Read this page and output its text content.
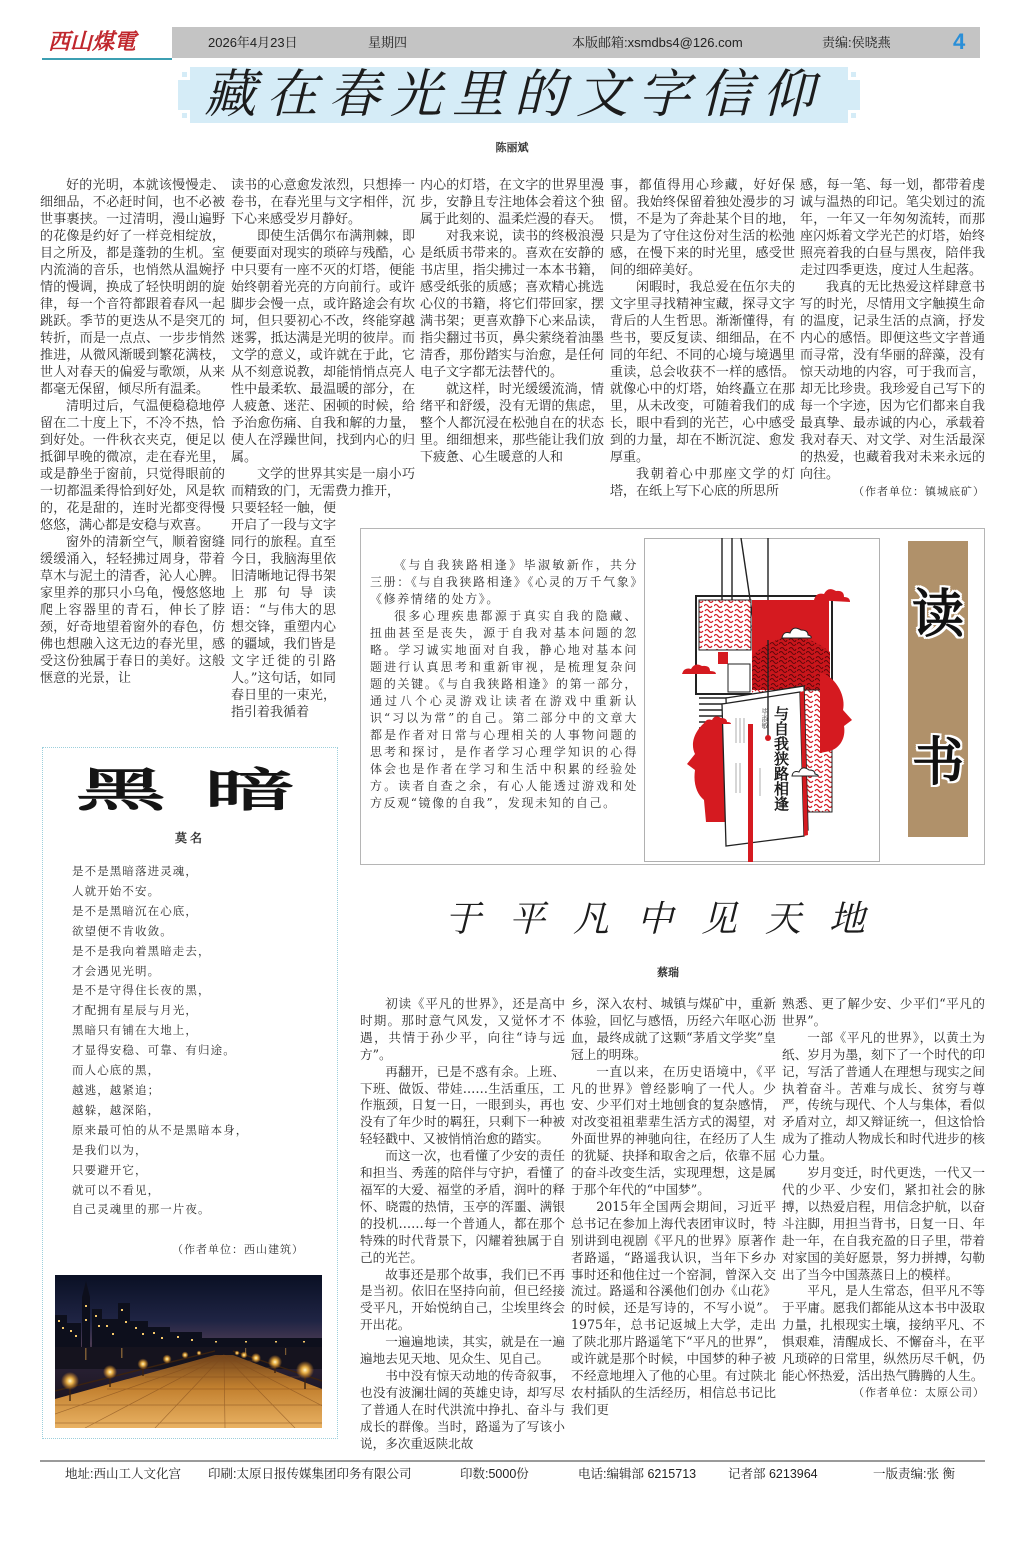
西山煤電	2026年4月23日	星期四	本版邮箱:xsmdbs4@126.com	责编:侯晓燕	4
藏在春光里的文字信仰
陈丽斌

好的光明，本就该慢慢走、细细品，不必赶时间，也不必被世事裹挟。一过清明，漫山遍野的花像是约好了一样竞相绽放，目之所及，都是蓬勃的生机。室内流淌的音乐，也悄然从温婉抒情的慢调，换成了轻快明朗的旋律，每一个音符都跟着春风一起跳跃。季节的更迭从不是突兀的转折，而是一点点、一步步悄然推进，从微风渐暖到繁花满枝，世人对春天的偏爱与歌颂，从来都毫无保留，倾尽所有温柔。

清明过后，气温便稳稳地停留在二十度上下，不冷不热，恰到好处。一件秋衣夹克，便足以抵御早晚的微凉，走在春光里，或是静坐于窗前，只觉得眼前的一切都温柔得恰到好处，风是软的，花是甜的，连时光都变得慢悠悠，满心都是安稳与欢喜。

窗外的清新空气，顺着窗缝缓缓涌入，轻轻拂过周身，带着草木与泥土的清香，沁人心脾。家里养的那只小乌龟，慢悠悠地爬上容器里的青石，伸长了脖颈，好奇地望着窗外的春色，仿佛也想融入这无边的春光里，感受这份独属于春日的美好。这般惬意的光景，让

读书的心意愈发浓烈，只想捧一卷书，在春光里与文字相伴，沉下心来感受岁月静好。

即使生活偶尔布满荆棘，即便要面对现实的琐碎与残酷，心中只要有一座不灭的灯塔，便能始终朝着光亮的方向前行。或许脚步会慢一点，或许路途会有坎坷，但只要初心不改，终能穿越迷雾，抵达满是光明的彼岸。而文学的意义，或许就在于此，它从不刻意说教，却能悄悄点亮人性中最柔软、最温暖的部分，在人疲惫、迷茫、困顿的时候，给予治愈伤痛、自我和解的力量，使人在浮躁世间，找到内心的归属。

文学的世界其实是一扇小巧而精致的门，无需费力推开，

只要轻轻一触，便开启了一段与文字同行的旅程。直至今日，我脑海里依旧清晰地记得书架上那句导读语：“与伟大的思想交锋，重塑内心的疆域，我们皆是文字迁徙的引路人。”这句话，如同春日里的一束光，指引着我循着

内心的灯塔，在文字的世界里漫步，安静且专注地体会着这个独属于此刻的、温柔烂漫的春天。

对我来说，读书的终极浪漫是纸质书带来的。喜欢在安静的书店里，指尖拂过一本本书籍，感受纸张的质感；喜欢精心挑选心仪的书籍，将它们带回家，摆满书架；更喜欢静下心来品读，指尖翻过书页，鼻尖萦绕着油墨清香，那份踏实与治愈，是任何电子文字都无法替代的。

就这样，时光缓缓流淌，情绪平和舒缓，没有无谓的焦虑，整个人都沉浸在松弛自在的状态里。细细想来，那些能让我们放下疲惫、心生暖意的人和

事，都值得用心珍藏，好好保留。我始终保留着独处漫步的习惯，不是为了奔赴某个目的地，只是为了守住这份对生活的松弛感，在慢下来的时光里，感受世间的细碎美好。

闲暇时，我总爱在伍尔夫的文字里寻找精神宝藏，探寻文字背后的人生哲思。渐渐懂得，有些书，要反复读、细细品，在不同的年纪、不同的心境与境遇里重读，总会收获不一样的感悟。就像心中的灯塔，始终矗立在那里，从未改变，可随着我们的成长，眼中看到的光芒，心中感受到的力量，却在不断沉淀、愈发厚重。

我朝着心中那座文学的灯塔，在纸上写下心底的所思所

感，每一笔、每一划，都带着虔诚与温热的印记。笔尖划过的流年，一年又一年匆匆流转，而那座闪烁着文学光芒的灯塔，始终照亮着我的白昼与黑夜，陪伴我走过四季更迭，度过人生起落。

我真的无比热爱这样肆意书写的时光，尽情用文字触摸生命的温度，记录生活的点滴，抒发内心的感悟。即便这些文字普通而寻常，没有华丽的辞藻，没有惊天动地的内容，可于我而言，却无比珍贵。我珍爱自己写下的每一个字迹，因为它们都来自我最真挚、最赤诚的内心，承载着我对春天、对文学、对生活最深的热爱，也藏着我对未来永远的向往。

（作者单位：镇城底矿）

《与自我狭路相逢》毕淑敏新作，共分三册：《与自我狭路相逢》《心灵的万千气象》《修养情绪的处方》。

很多心理疾患都源于真实自我的隐藏、扭曲甚至是丧失，源于自我对基本问题的忽略。学习诚实地面对自我，静心地对基本问题进行认真思考和重新审视，是梳理复杂问题的关键。《与自我狭路相逢》的第一部分，通过八个心灵游戏让读者在游戏中重新认识“习以为常”的自己。第二部分中的文章大都是作者对日常与心理相关的人事物问题的思考和探讨，是作者学习心理学知识的心得体会也是作者在学习和生活中积累的经验处方。读者自查之余，有心人能透过游戏和处方反观“镜像的自我”，发现未知的自己。	与自我狭路相逢
毕淑敏
读
书
黑暗
莫名

是不是黑暗落进灵魂，

人就开始不安。

是不是黑暗沉在心底，

欲望便不肯收敛。

是不是我向着黑暗走去，

才会遇见光明。

是不是守得住长夜的黑，

才配拥有星辰与月光，

黑暗只有铺在大地上，

才显得安稳、可靠、有归途。

而人心底的黑，

越逃，越紧追；

越躲，越深陷，

原来最可怕的从不是黑暗本身，

是我们以为，

只要避开它，

就可以不看见，

自己灵魂里的那一片夜。

（作者单位：西山建筑）
于平凡中见天地
蔡瑞

初读《平凡的世界》，还是高中时期。那时意气风发，又觉怀才不遇，共情于孙少平，向往“诗与远方”。

再翻开，已是不惑有余。上班、下班、做饭、带娃……生活重压，工作瓶颈，日复一日，一眼到头，再也没有了年少时的羁狂，只剩下一种被轻轻戳中、又被悄悄治愈的踏实。

而这一次，也看懂了少安的责任和担当、秀莲的陪伴与守护，看懂了福军的大爱、福堂的矛盾，润叶的释怀、晓霞的热情，玉亭的浑噩、满银的投机……每一个普通人，都在那个特殊的时代背景下，闪耀着独属于自己的光芒。

故事还是那个故事，我们已不再是当初。依旧在坚持向前，但已经接受平凡，开始悦纳自己，尘埃里终会开出花。

一遍遍地读，其实，就是在一遍遍地去见天地、见众生、见自己。

书中没有惊天动地的传奇叙事，也没有波澜壮阔的英雄史诗，却写尽了普通人在时代洪流中挣扎、奋斗与成长的群像。当时，路遥为了写该小说，多次重返陕北故

乡，深入农村、城镇与煤矿中，重新体验，回忆与感悟，历经六年呕心沥血，最终成就了这颗“茅盾文学奖”皇冠上的明珠。

一直以来，在历史语境中，《平凡的世界》曾经影响了一代人。少安、少平们对土地刨食的复杂感情，对改变祖祖辈辈生活方式的渴望，对外面世界的神驰向往，在经历了人生的犹疑、抉择和取舍之后，依靠不屈的奋斗改变生活，实现理想，这是属于那个年代的“中国梦”。

2015年全国两会期间，习近平总书记在参加上海代表团审议时，特别讲到电视剧《平凡的世界》原著作者路遥，“路遥我认识，当年下乡办事时还和他住过一个窑洞，曾深入交流过。路遥和谷溪他们创办《山花》的时候，还是写诗的，不写小说”。1975年，总书记返城上大学，走出了陕北那片路遥笔下“平凡的世界”，或许就是那个时候，中国梦的种子被不经意地埋入了他的心里。有过陕北农村插队的生活经历，相信总书记比我们更

熟悉、更了解少安、少平们“平凡的世界”。

一部《平凡的世界》，以黄土为纸、岁月为墨，刻下了一个时代的印记，写活了普通人在理想与现实之间执着奋斗。苦难与成长、贫穷与尊严，传统与现代、个人与集体，看似矛盾对立，却又辩证统一，但这恰恰成为了推动人物成长和时代进步的核心力量。

岁月变迁，时代更迭，一代又一代的少平、少安们，紧扣社会的脉搏，以热爱启程，用信念护航，以奋斗注脚，用担当背书，日复一日、年赴一年，在自我充盈的日子里，带着对家国的美好愿景，努力拼搏，勾勒出了当今中国蒸蒸日上的模样。

平凡，是人生常态，但平凡不等于平庸。愿我们都能从这本书中汲取力量，扎根现实土壤，接纳平凡、不惧艰难，清醒成长、不懈奋斗，在平凡琐碎的日常里，纵然历尽千帆，仍能心怀热爱，活出热气腾腾的人生。

（作者单位：太原公司）

地址:西山工人文化宫 印刷:太原日报传媒集团印务有限公司	印数:5000份	电话:编辑部 6215713	记者部 6213964	一版责编:张 衡
